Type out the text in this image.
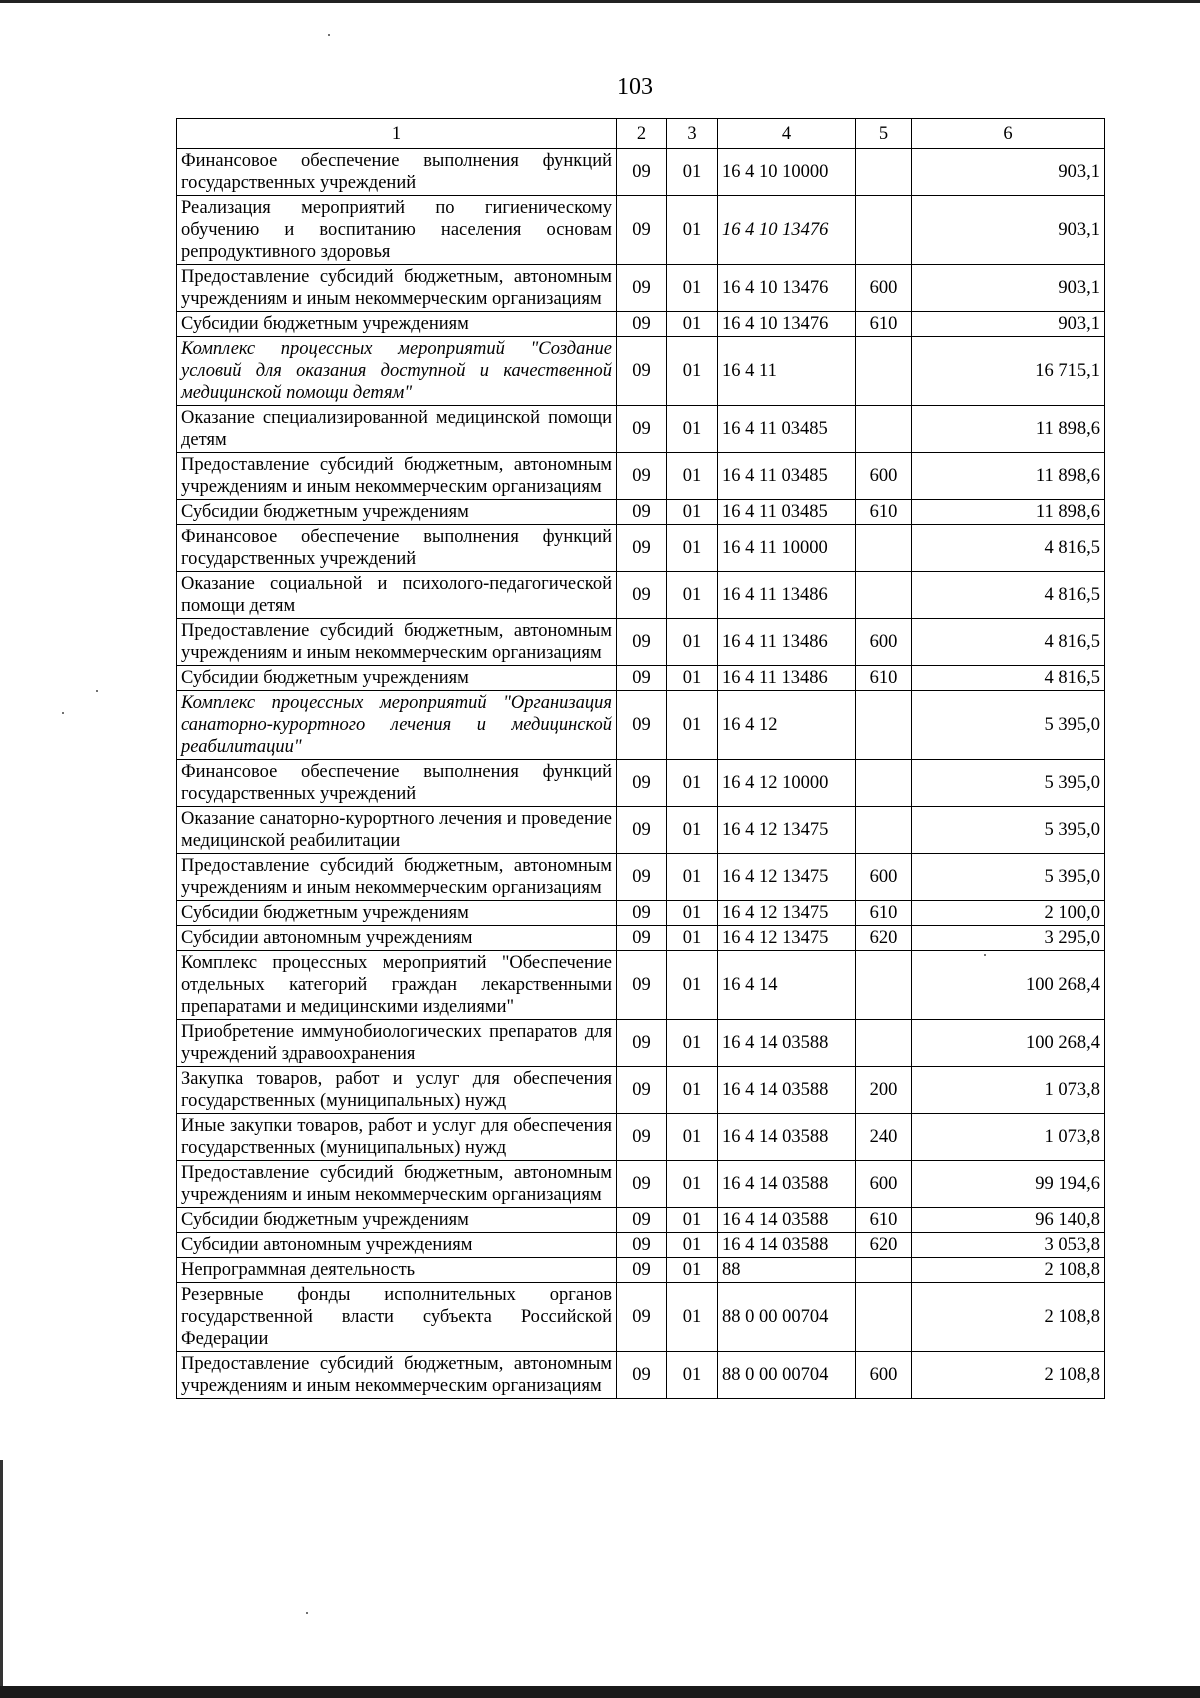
103
1	2	3	4	5	6
Финансовое обеспечение выполнения функций государственных учреждений	09	01	16 4 10 10000		903,1
Реализация мероприятий по гигиеническому обучению и воспитанию населения основам репродуктивного здоровья	09	01	16 4 10 13476		903,1
Предоставление субсидий бюджетным, автономным учреждениям и иным некоммерческим организациям	09	01	16 4 10 13476	600	903,1
Субсидии бюджетным учреждениям	09	01	16 4 10 13476	610	903,1
Комплекс процессных мероприятий "Создание условий для оказания доступной и качественной медицинской помощи детям"	09	01	16 4 11		16 715,1
Оказание специализированной медицинской помощи детям	09	01	16 4 11 03485		11 898,6
Предоставление субсидий бюджетным, автономным учреждениям и иным некоммерческим организациям	09	01	16 4 11 03485	600	11 898,6
Субсидии бюджетным учреждениям	09	01	16 4 11 03485	610	11 898,6
Финансовое обеспечение выполнения функций государственных учреждений	09	01	16 4 11 10000		4 816,5
Оказание социальной и психолого-педагогической помощи детям	09	01	16 4 11 13486		4 816,5
Предоставление субсидий бюджетным, автономным учреждениям и иным некоммерческим организациям	09	01	16 4 11 13486	600	4 816,5
Субсидии бюджетным учреждениям	09	01	16 4 11 13486	610	4 816,5
Комплекс процессных мероприятий "Организация санаторно-курортного лечения и медицинской реабилитации"	09	01	16 4 12		5 395,0
Финансовое обеспечение выполнения функций государственных учреждений	09	01	16 4 12 10000		5 395,0
Оказание санаторно-курортного лечения и проведение медицинской реабилитации	09	01	16 4 12 13475		5 395,0
Предоставление субсидий бюджетным, автономным учреждениям и иным некоммерческим организациям	09	01	16 4 12 13475	600	5 395,0
Субсидии бюджетным учреждениям	09	01	16 4 12 13475	610	2 100,0
Субсидии автономным учреждениям	09	01	16 4 12 13475	620	3 295,0
Комплекс процессных мероприятий "Обеспечение отдельных категорий граждан лекарственными препаратами и медицинскими изделиями"	09	01	16 4 14		100 268,4
Приобретение иммунобиологических препаратов для учреждений здравоохранения	09	01	16 4 14 03588		100 268,4
Закупка товаров, работ и услуг для обеспечения государственных (муниципальных) нужд	09	01	16 4 14 03588	200	1 073,8
Иные закупки товаров, работ и услуг для обеспечения государственных (муниципальных) нужд	09	01	16 4 14 03588	240	1 073,8
Предоставление субсидий бюджетным, автономным учреждениям и иным некоммерческим организациям	09	01	16 4 14 03588	600	99 194,6
Субсидии бюджетным учреждениям	09	01	16 4 14 03588	610	96 140,8
Субсидии автономным учреждениям	09	01	16 4 14 03588	620	3 053,8
Непрограммная деятельность	09	01	88		2 108,8
Резервные фонды исполнительных органов государственной власти субъекта Российской Федерации	09	01	88 0 00 00704		2 108,8
Предоставление субсидий бюджетным, автономным учреждениям и иным некоммерческим организациям	09	01	88 0 00 00704	600	2 108,8
